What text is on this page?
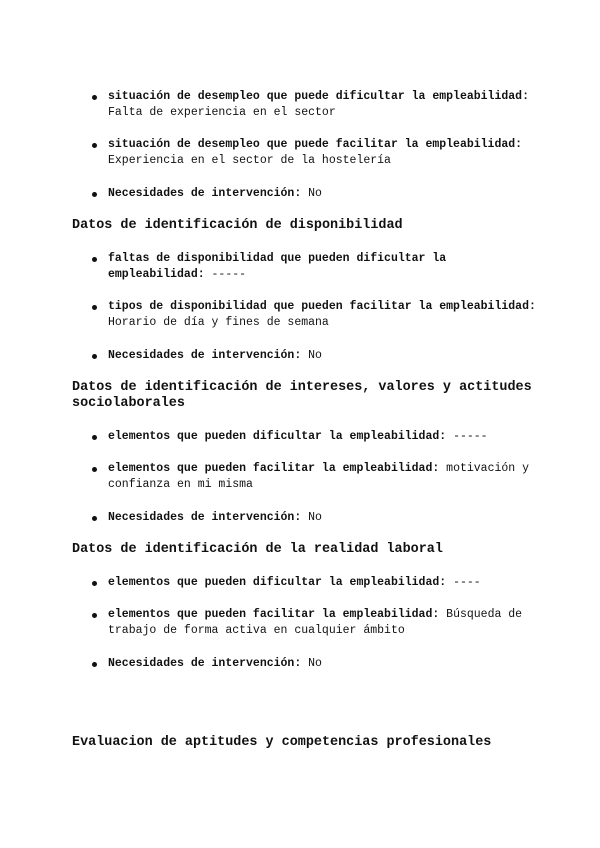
situación de desempleo que puede dificultar la empleabilidad: Falta de experiencia en el sector

situación de desempleo que puede facilitar la empleabilidad: Experiencia en el sector de la hostelería

Necesidades de intervención: No

Datos de identificación de disponibilidad

faltas de disponibilidad que pueden dificultar la empleabilidad: -----

tipos de disponibilidad que pueden facilitar la empleabilidad: Horario de día y fines de semana

Necesidades de intervención: No

Datos de identificación de intereses, valores y actitudes sociolaborales

elementos que pueden dificultar la empleabilidad: -----

elementos que pueden facilitar la empleabilidad: motivación y confianza en mi misma

Necesidades de intervención: No

Datos de identificación de la realidad laboral

elementos que pueden dificultar la empleabilidad: ----

elementos que pueden facilitar la empleabilidad: Búsqueda de trabajo de forma activa en cualquier ámbito

Necesidades de intervención: No

Evaluacion de aptitudes y competencias profesionales
